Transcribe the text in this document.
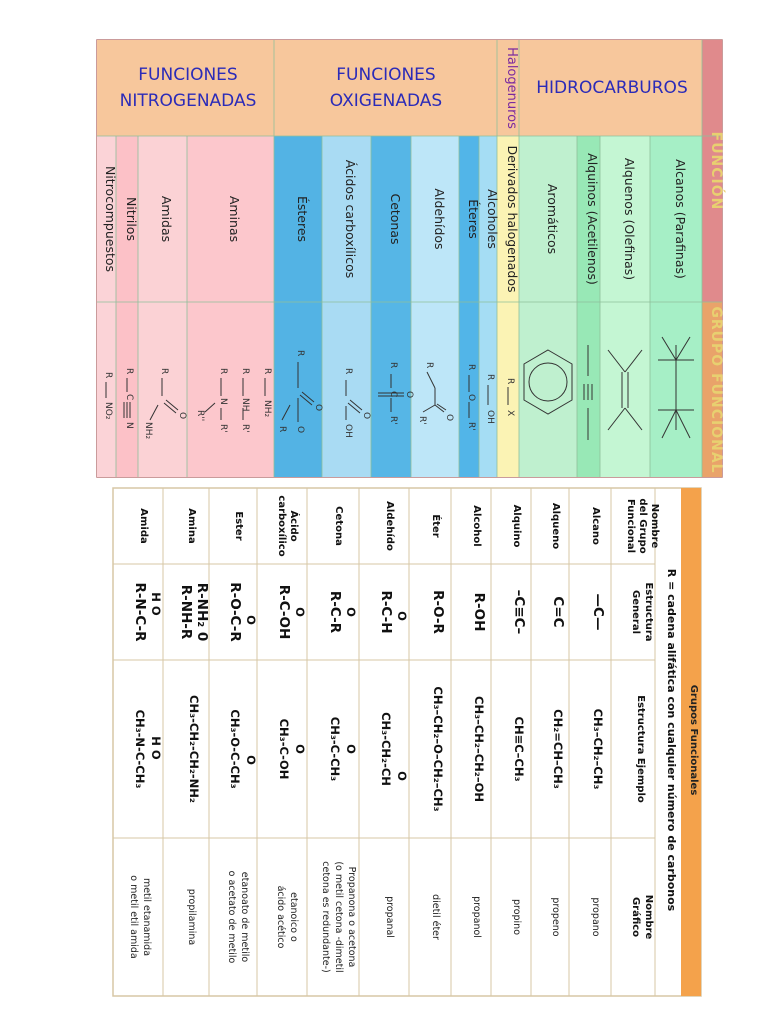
HIDROCARBUROS
Halogenuros
FUNCIONES
OXIGENADAS
FUNCIONES
NITROGENADAS
FUNCIÓN
GRUPO FUNCIONAL
Alcanos (Parafinas)
Alquenos (Olefinas)
Alquinos (Acetilenos)
Aromáticos
Derivados halogenados
Alcoholes
Éteres
Aldehídos
Cetonas
Ácidos carboxílicos
Ésteres
Aminas
Amidas
Nitrilos
Nitrocompuestos
R
X
R
OH
R
O
R'
R
O
R'
R
C
R'
O
R
O
OH
R
O
O
R
R
NH₂
R
NH
R'
R
N
R'
R''
R
O
NH₂
R
C
N
R
NO₂
Grupos Funcionales
R = cadena alifática con cualquier número de carbonos
Nombre
del Grupo
Funcional
Estructura
General
Estructura Ejemplo
Nombre
Gráfico
Alcano
—C—
CH₃–CH₂–CH₃
propano
Alqueno
C=C
CH₂=CH–CH₃
propeno
Alquino
–C≡C–
CH≡C–CH₃
propino
Alcohol
R-OH
CH₃–CH₂–CH₂–OH
propanol
Éter
R-O-R
CH₃–CH₂–O–CH₂–CH₃
dietil éter
Aldehído
O
R-C-H
O
CH₃-CH₂-CH
propanal
Cetona
O
R-C-R
O
CH₃-C-CH₃
Propanona o acetona
(o metil cetona -dimetil
cetona es redundante-)
Ácido
carboxílico
O
R-C-OH
O
CH₃-C-OH
etanoico o
ácido acético
Ester
O
R-O-C-R
O
CH₃-O-C-CH₃
etanoato de metilo
o acetato de metilo
Amina
R-NH₂ 0
R-NH-R
CH₃-CH₂-CH₂-NH₂
propilamina
Amida
H O
R-N-C-R
H O
CH₃-N-C-CH₃
metil etanamida
o metil etil amida
